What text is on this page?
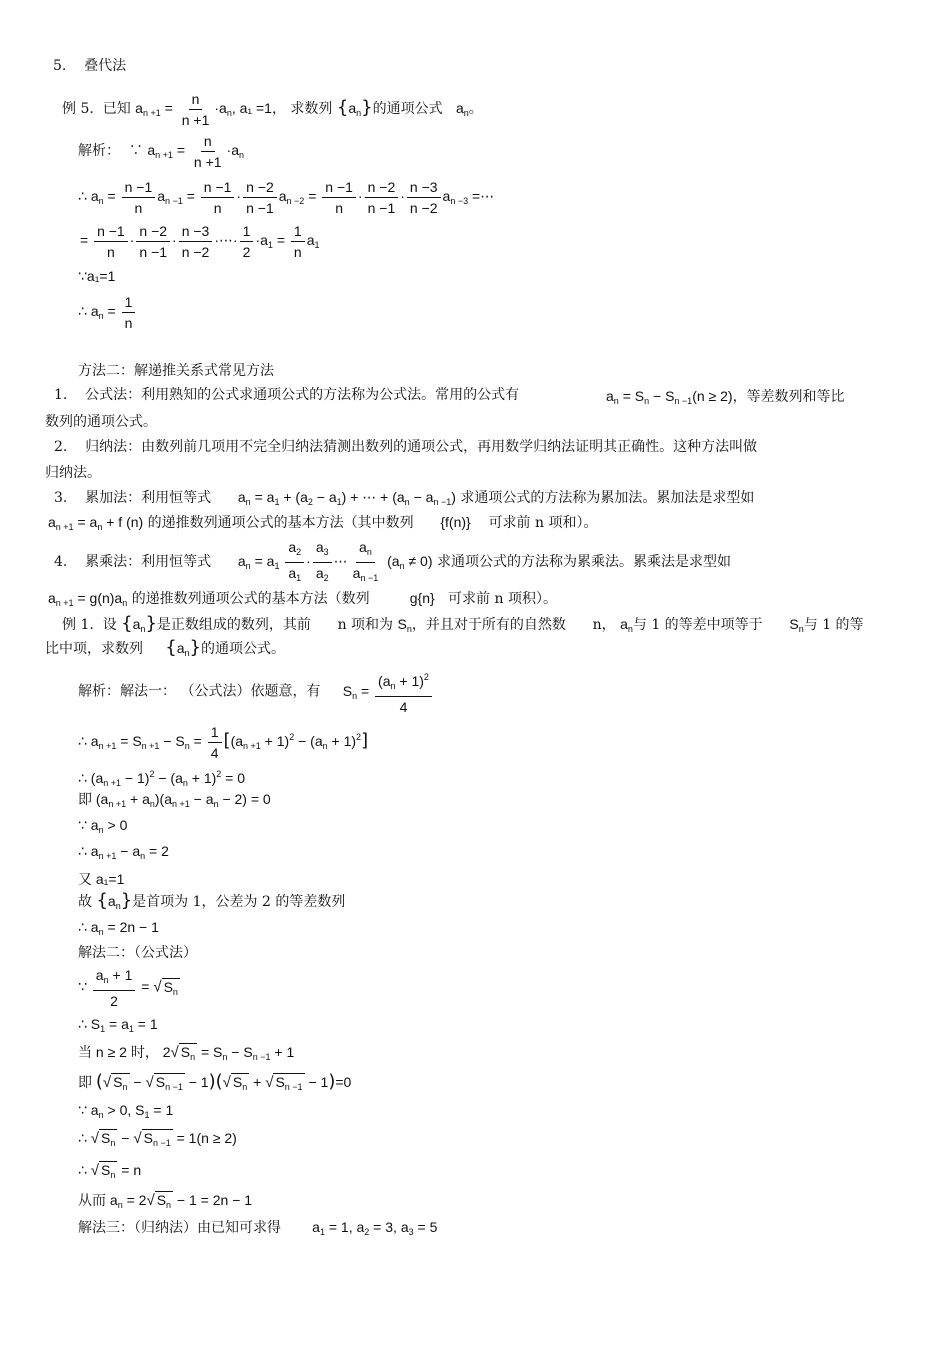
5. 叠代法
例 5. 已知 $a_{n +1} = \frac{n}{n +1} \cdot a_n$, a₁ =1， 求数列 $\{a_n\}$的通项公式 $a_n$。
解析： ∵ $a_{n +1} = \frac{n}{n +1} \cdot a_n$
∴ $a_n = \frac{n -1}{n} a_{n -1} = \frac{n -1}{n} \cdot \frac{n -2}{n -1} a_{n -2} = \frac{n -1}{n} \cdot \frac{n -2}{n -1} \cdot \frac{n -3}{n -2} a_{n -3}$ =⋯
= $\frac{n -1}{n} \cdot \frac{n -2}{n -1} \cdot \frac{n -3}{n -2}$ ·⋯· $\frac{1}{2} \cdot a_1 = \frac{1}{n} a_1$
∵a₁=1
∴ $a_n = \frac{1}{n}$
方法二：解递推关系式常见方法
1. 公式法：利用熟知的公式求通项公式的方法称为公式法。常用的公式有	$a_n = S_n - S_{n -1}(n \ge 2)$，等差数列和等比
数列的通项公式。
2. 归纳法：由数列前几项用不完全归纳法猜测出数列的通项公式，再用数学归纳法证明其正确性。这种方法叫做
归纳法。
3. 累加法：利用恒等式 $a_n = a_1 + (a_2 - a_1)$ + ⋯ + $(a_n - a_{n -1})$ 求通项公式的方法称为累加法。累加法是求型如
$a_{n +1} = a_n + f$ (n) 的递推数列通项公式的基本方法（其中数列 {f(n)} 可求前 n 项和）。
4. 累乘法：利用恒等式 $a_n = a_1 \frac{a_2}{a_1} \cdot \frac{a_3}{a_2}$ ⋯ $\frac{a_n}{a_{n -1}} (a_n \ne 0)$ 求通项公式的方法称为累乘法。累乘法是求型如
$a_{n +1} = g(n)a_n$ 的递推数列通项公式的基本方法（数列	g{n} 可求前 n 项积）。
例 1. 设 $\{a_n\}$是正数组成的数列，其前 n 项和为 $S_n$，并且对于所有的自然数 n， $a_n$与 1 的等差中项等于 $S_n$与 1 的等
比中项，求数列 $\{a_n\}$的通项公式。
解析：解法一： （公式法）依题意，有 $S_n = \frac{(a_n + 1)^2}{4}$
∴ $a_{n +1} = S_{n +1} - S_n = \frac{1}{4} [(a_{n +1} + 1)^2 - (a_n + 1)^2]$
∴ $(a_{n +1} - 1)^2 - (a_n + 1)^2 = 0$
即 $(a_{n +1} + a_n)(a_{n +1} - a_n - 2) = 0$
∵ $a_n > 0$
∴ $a_{n +1} - a_n = 2$
又 a₁=1
故 $\{a_n\}$是首项为 1，公差为 2 的等差数列
∴ $a_n = 2n - 1$
解法二：（公式法）
∵ $\frac{a_n + 1}{2}$ = √ $S_n$
∴ $S_1 = a_1 = 1$
当 n ≥ 2 时， 2√ $S_n = S_n - S_{n -1} + 1$
即 (√ $S_n$ − √ $S_{n -1} - 1)(√$ $S_n$ + √ $S_{n -1} - 1)=0$
∵ $a_n > 0$, $S_1 = 1$
∴ √ $S_n$ − √ $S_{n -1} = 1(n \ge 2)$
∴ √ $S_n = n$
从而 $a_n = 2√$ $S_n - 1 = 2n - 1$
解法三：（归纳法）由已知可求得 $a_1 = 1$, $a_2 = 3$, $a_3 = 5$
